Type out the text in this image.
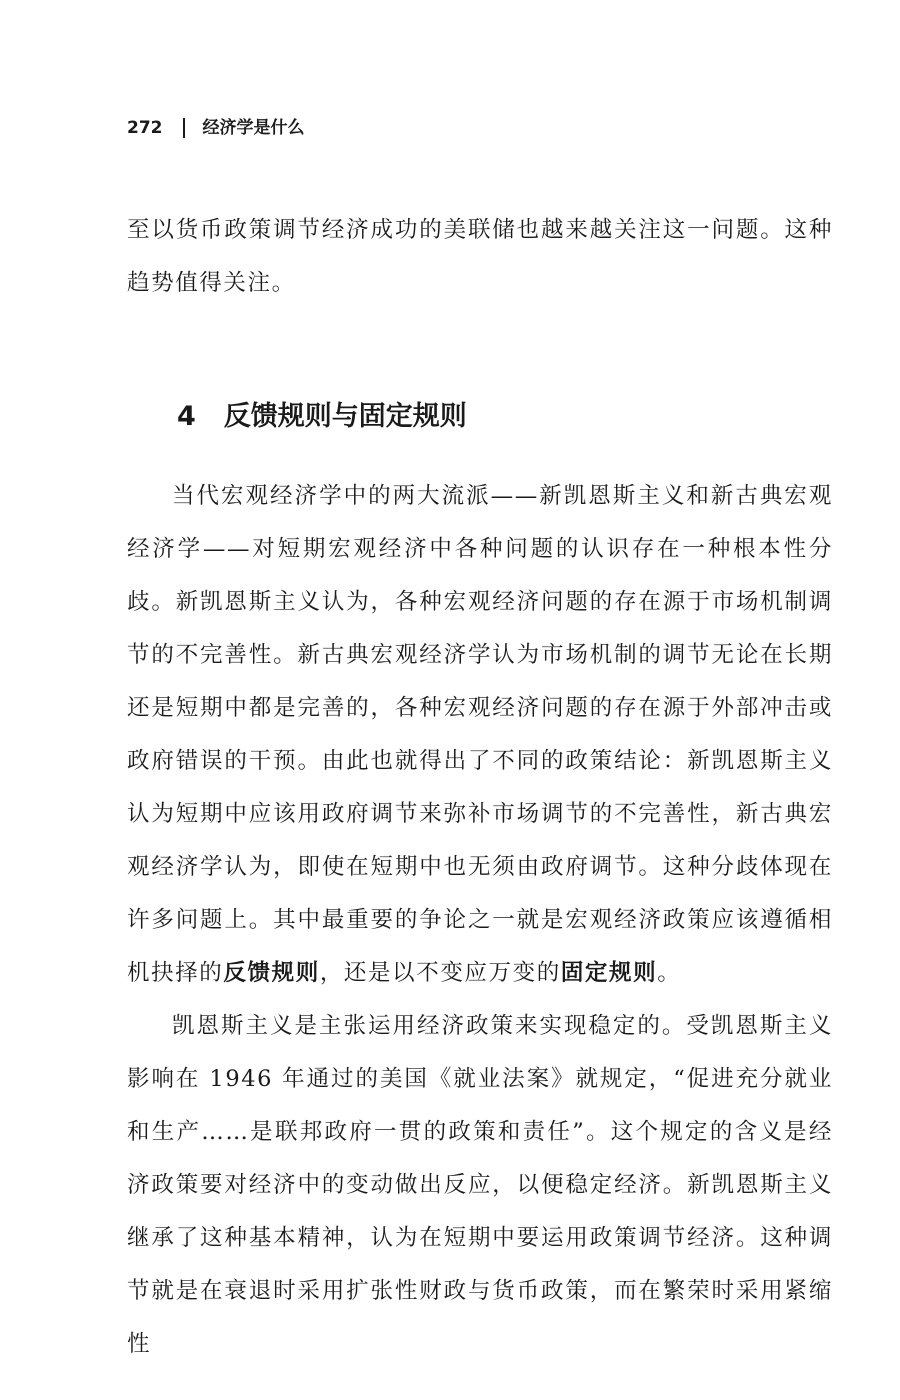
272 经济学是什么

至以货币政策调节经济成功的美联储也越来越关注这一问题。这种趋势值得关注。

4 反馈规则与固定规则

当代宏观经济学中的两大流派——新凯恩斯主义和新古典宏观经济学——对短期宏观经济中各种问题的认识存在一种根本性分歧。新凯恩斯主义认为，各种宏观经济问题的存在源于市场机制调节的不完善性。新古典宏观经济学认为市场机制的调节无论在长期还是短期中都是完善的，各种宏观经济问题的存在源于外部冲击或政府错误的干预。由此也就得出了不同的政策结论：新凯恩斯主义认为短期中应该用政府调节来弥补市场调节的不完善性，新古典宏观经济学认为，即使在短期中也无须由政府调节。这种分歧体现在许多问题上。其中最重要的争论之一就是宏观经济政策应该遵循相机抉择的反馈规则，还是以不变应万变的固定规则。

凯恩斯主义是主张运用经济政策来实现稳定的。受凯恩斯主义影响在 1946 年通过的美国《就业法案》就规定，“促进充分就业和生产……是联邦政府一贯的政策和责任”。这个规定的含义是经济政策要对经济中的变动做出反应，以便稳定经济。新凯恩斯主义继承了这种基本精神，认为在短期中要运用政策调节经济。这种调节就是在衰退时采用扩张性财政与货币政策，而在繁荣时采用紧缩性
